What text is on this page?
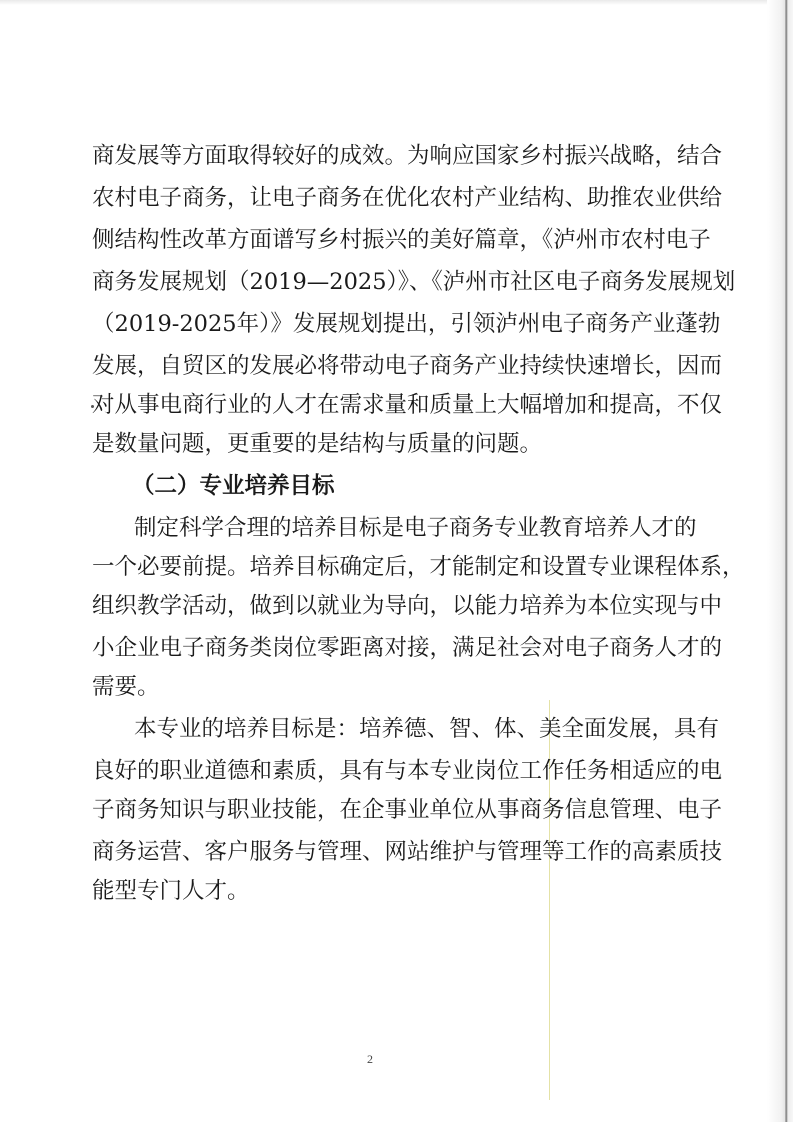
商发展等方面取得较好的成效。为响应国家乡村振兴战略，结合
农村电子商务，让电子商务在优化农村产业结构、助推农业供给
侧结构性改革方面谱写乡村振兴的美好篇章，《泸州市农村电子
商务发展规划（2019—2025）》、《泸州市社区电子商务发展规划
（2019-2025年）》发展规划提出，引领泸州电子商务产业蓬勃
发展，自贸区的发展必将带动电子商务产业持续快速增长，因而
对从事电商行业的人才在需求量和质量上大幅增加和提高，不仅
是数量问题，更重要的是结构与质量的问题。
（二）专业培养目标
制定科学合理的培养目标是电子商务专业教育培养人才的
一个必要前提。培养目标确定后，才能制定和设置专业课程体系，
组织教学活动，做到以就业为导向，以能力培养为本位实现与中
小企业电子商务类岗位零距离对接，满足社会对电子商务人才的
需要。
本专业的培养目标是：培养德、智、体、美全面发展，具有
良好的职业道德和素质，具有与本专业岗位工作任务相适应的电
子商务知识与职业技能，在企事业单位从事商务信息管理、电子
商务运营、客户服务与管理、网站维护与管理等工作的高素质技
能型专门人才。
2
